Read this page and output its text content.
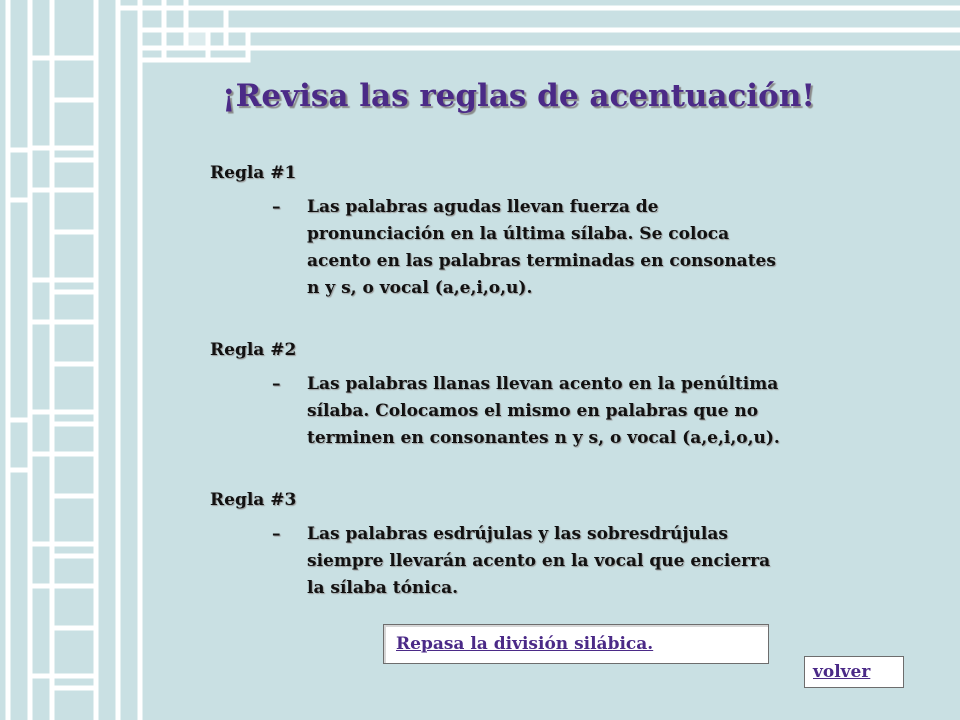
¡Revisa las reglas de acentuación!
Regla #1
– Las palabras agudas llevan fuerza de
pronunciación en la última sílaba. Se coloca
acento en las palabras terminadas en consonates
n y s, o vocal (a,e,i,o,u).
Regla #2
– Las palabras llanas llevan acento en la penúltima
sílaba. Colocamos el mismo en palabras que no
terminen en consonantes n y s, o vocal (a,e,i,o,u).
Regla #3
– Las palabras esdrújulas y las sobresdrújulas
siempre llevarán acento en la vocal que encierra
la sílaba tónica.
Repasa la división silábica.
volver
